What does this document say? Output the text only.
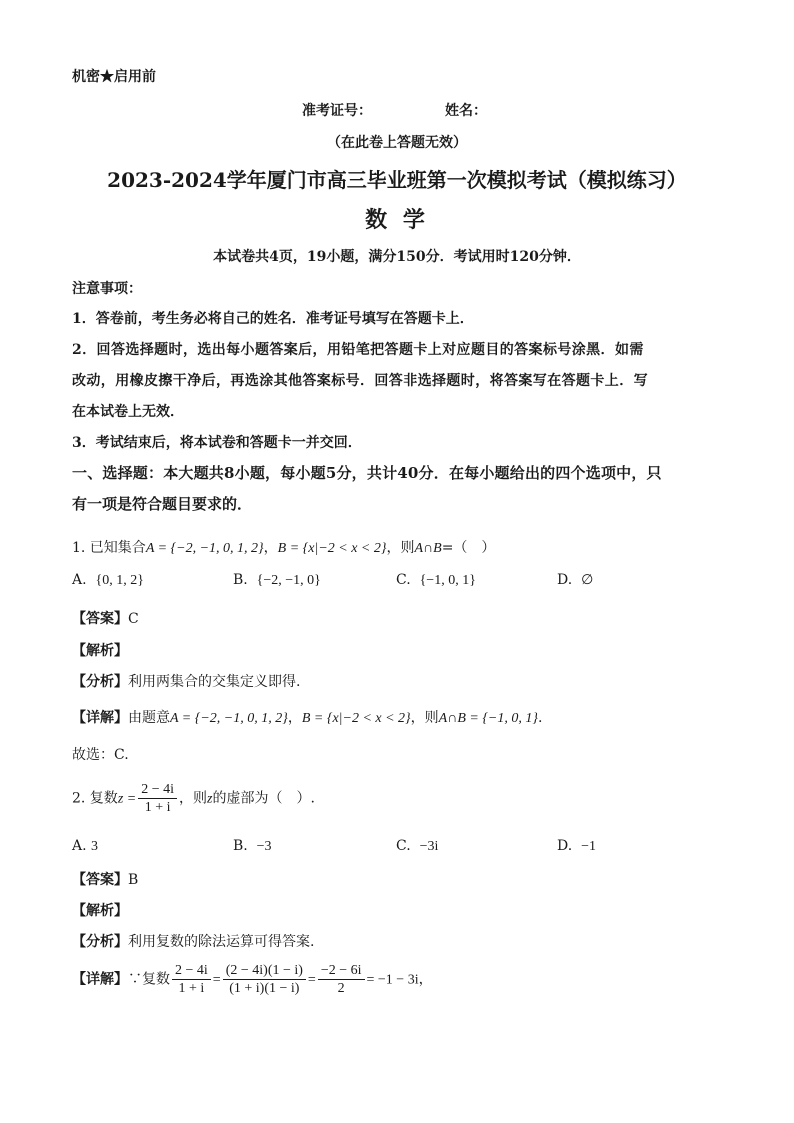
机密★启用前
准考证号：	姓名：
（在此卷上答题无效）
2023-2024学年厦门市高三毕业班第一次模拟考试（模拟练习）
数 学
本试卷共4页，19小题，满分150分．考试用时120分钟．
注意事项：
1．答卷前，考生务必将自己的姓名．准考证号填写在答题卡上．
2．回答选择题时，选出每小题答案后，用铅笔把答题卡上对应题目的答案标号涂黑．如需
改动，用橡皮擦干净后，再选涂其他答案标号．回答非选择题时，将答案写在答题卡上．写
在本试卷上无效．
3．考试结束后，将本试卷和答题卡一并交回．
一、选择题：本大题共8小题，每小题5分，共计40分．在每小题给出的四个选项中，只
有一项是符合题目要求的．
1. 已知集合A = {−2, −1, 0, 1, 2}，B = {x|−2 < x < 2}，则A∩B=（　）
A. {0, 1, 2}	B. {−2, −1, 0}	C. {−1, 0, 1}	D. ∅
【答案】C
【解析】
【分析】利用两集合的交集定义即得.
【详解】由题意A = {−2, −1, 0, 1, 2}，B = {x|−2 < x < 2}，则A∩B = {−1, 0, 1}.
故选：C.
2. 复数$z = \frac{2 - 4i}{1 + i}$ ，则z的虚部为（　）.
A. 3	B. −3	C. −3i	D. −1
【答案】B
【解析】
【分析】利用复数的除法运算可得答案.
【详解】∵复数 $\frac{2 - 4i}{1 + i} = \frac{(2 - 4i)(1 - i)}{(1 + i)(1 - i)} = \frac{-2 - 6i}{2} = -1 - 3i$，
